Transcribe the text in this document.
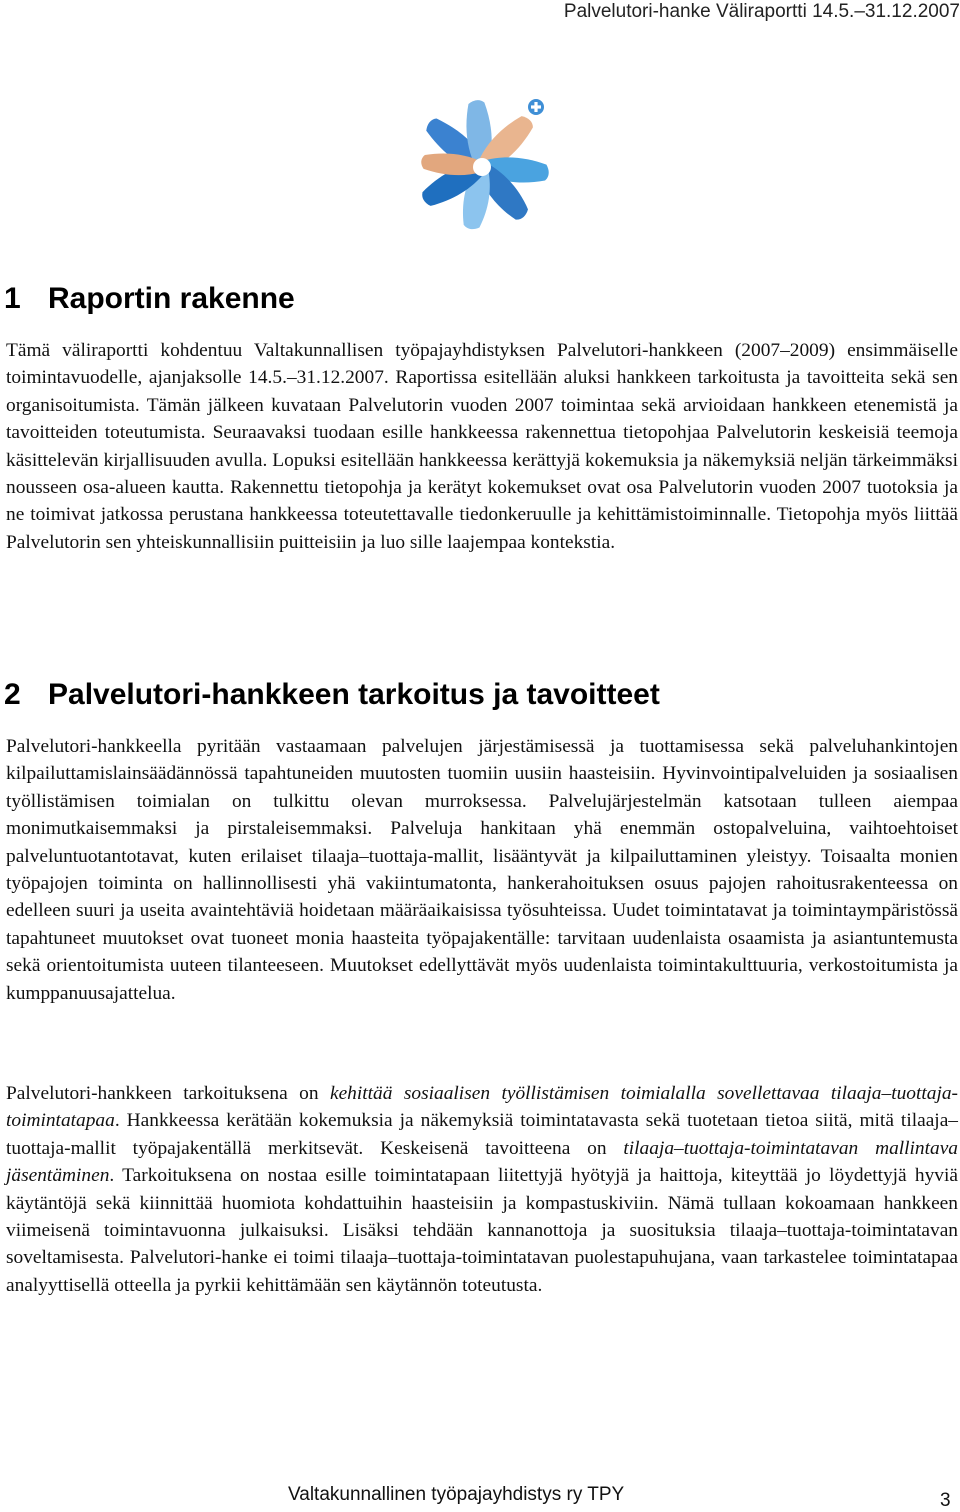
Palvelutori-hanke Väliraportti 14.5.–31.12.2007
1 Raportin rakenne

Tämä väliraportti kohdentuu Valtakunnallisen työpajayhdistyksen Palvelutori-hankkeen (2007–2009) ensimmäiselle toimintavuodelle, ajanjaksolle 14.5.–31.12.2007. Raportissa esitellään aluksi hankkeen tarkoitusta ja tavoitteita sekä sen organisoitumista. Tämän jälkeen kuvataan Palvelutorin vuoden 2007 toimintaa sekä arvioidaan hankkeen etenemistä ja tavoitteiden toteutumista. Seuraavaksi tuodaan esille hankkeessa rakennettua tietopohjaa Palvelutorin keskeisiä teemoja käsittelevän kirjallisuuden avulla. Lopuksi esitellään hankkeessa kerättyjä kokemuksia ja näkemyksiä neljän tärkeimmäksi nousseen osa-alueen kautta. Rakennettu tietopohja ja kerätyt kokemukset ovat osa Palvelutorin vuoden 2007 tuotoksia ja ne toimivat jatkossa perustana hankkeessa toteutettavalle tiedonkeruulle ja kehittämistoiminnalle. Tietopohja myös liittää Palvelutorin sen yhteiskunnallisiin puitteisiin ja luo sille laajempaa kontekstia.

2 Palvelutori-hankkeen tarkoitus ja tavoitteet

Palvelutori-hankkeella pyritään vastaamaan palvelujen järjestämisessä ja tuottamisessa sekä palveluhankintojen kilpailuttamislainsäädännössä tapahtuneiden muutosten tuomiin uusiin haasteisiin. Hyvinvointipalveluiden ja sosiaalisen työllistämisen toimialan on tulkittu olevan murroksessa. Palvelujärjestelmän katsotaan tulleen aiempaa monimutkaisemmaksi ja pirstaleisemmaksi. Palveluja hankitaan yhä enemmän ostopalveluina, vaihtoehtoiset palveluntuotantotavat, kuten erilaiset tilaaja–tuottaja-mallit, lisääntyvät ja kilpailuttaminen yleistyy. Toisaalta monien työpajojen toiminta on hallinnollisesti yhä vakiintumatonta, hankerahoituksen osuus pajojen rahoitusrakenteessa on edelleen suuri ja useita avaintehtäviä hoidetaan määräaikaisissa työsuhteissa. Uudet toimintatavat ja toimintaympäristössä tapahtuneet muutokset ovat tuoneet monia haasteita työpajakentälle: tarvitaan uudenlaista osaamista ja asiantuntemusta sekä orientoitumista uuteen tilanteeseen. Muutokset edellyttävät myös uudenlaista toimintakulttuuria, verkostoitumista ja kumppanuusajattelua.

Palvelutori-hankkeen tarkoituksena on kehittää sosiaalisen työllistämisen toimialalla sovellettavaa tilaaja–tuottaja-toimintatapaa. Hankkeessa kerätään kokemuksia ja näkemyksiä toimintatavasta sekä tuotetaan tietoa siitä, mitä tilaaja–tuottaja-mallit työpajakentällä merkitsevät. Keskeisenä tavoitteena on tilaaja–tuottaja-toimintatavan mallintava jäsentäminen. Tarkoituksena on nostaa esille toimintatapaan liitettyjä hyötyjä ja haittoja, kiteyttää jo löydettyjä hyviä käytäntöjä sekä kiinnittää huomiota kohdattuihin haasteisiin ja kompastuskiviin. Nämä tullaan kokoamaan hankkeen viimeisenä toimintavuonna julkaisuksi. Lisäksi tehdään kannanottoja ja suosituksia tilaaja–tuottaja-toimintatavan soveltamisesta. Palvelutori-hanke ei toimi tilaaja–tuottaja-toimintatavan puolestapuhujana, vaan tarkastelee toimintatapaa analyyttisellä otteella ja pyrkii kehittämään sen käytännön toteutusta.

Valtakunnallinen työpajayhdistys ry TPY	3
